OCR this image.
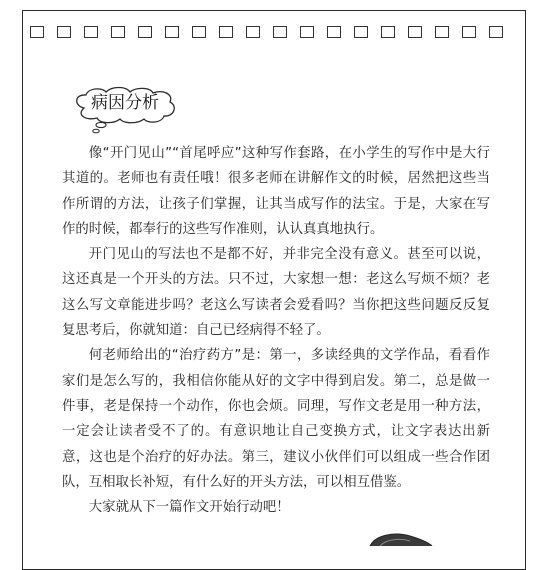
病因分析

像“开门见山”“首尾呼应”这种写作套路，在小学生的写作中是大行其道的。老师也有责任哦！很多老师在讲解作文的时候，居然把这些当作所谓的方法，让孩子们掌握，让其当成写作的法宝。于是，大家在写作的时候，都奉行的这些写作准则，认认真真地执行。

开门见山的写法也不是都不好，并非完全没有意义。甚至可以说，这还真是一个开头的方法。只不过，大家想一想：老这么写烦不烦？老这么写文章能进步吗？老这么写读者会爱看吗？当你把这些问题反反复复思考后，你就知道：自己已经病得不轻了。

何老师给出的“治疗药方”是：第一，多读经典的文学作品，看看作家们是怎么写的，我相信你能从好的文字中得到启发。第二，总是做一件事，老是保持一个动作，你也会烦。同理，写作文老是用一种方法，一定会让读者受不了的。有意识地让自己变换方式，让文字表达出新意，这也是个治疗的好办法。第三，建议小伙伴们可以组成一些合作团队，互相取长补短，有什么好的开头方法，可以相互借鉴。

大家就从下一篇作文开始行动吧！
